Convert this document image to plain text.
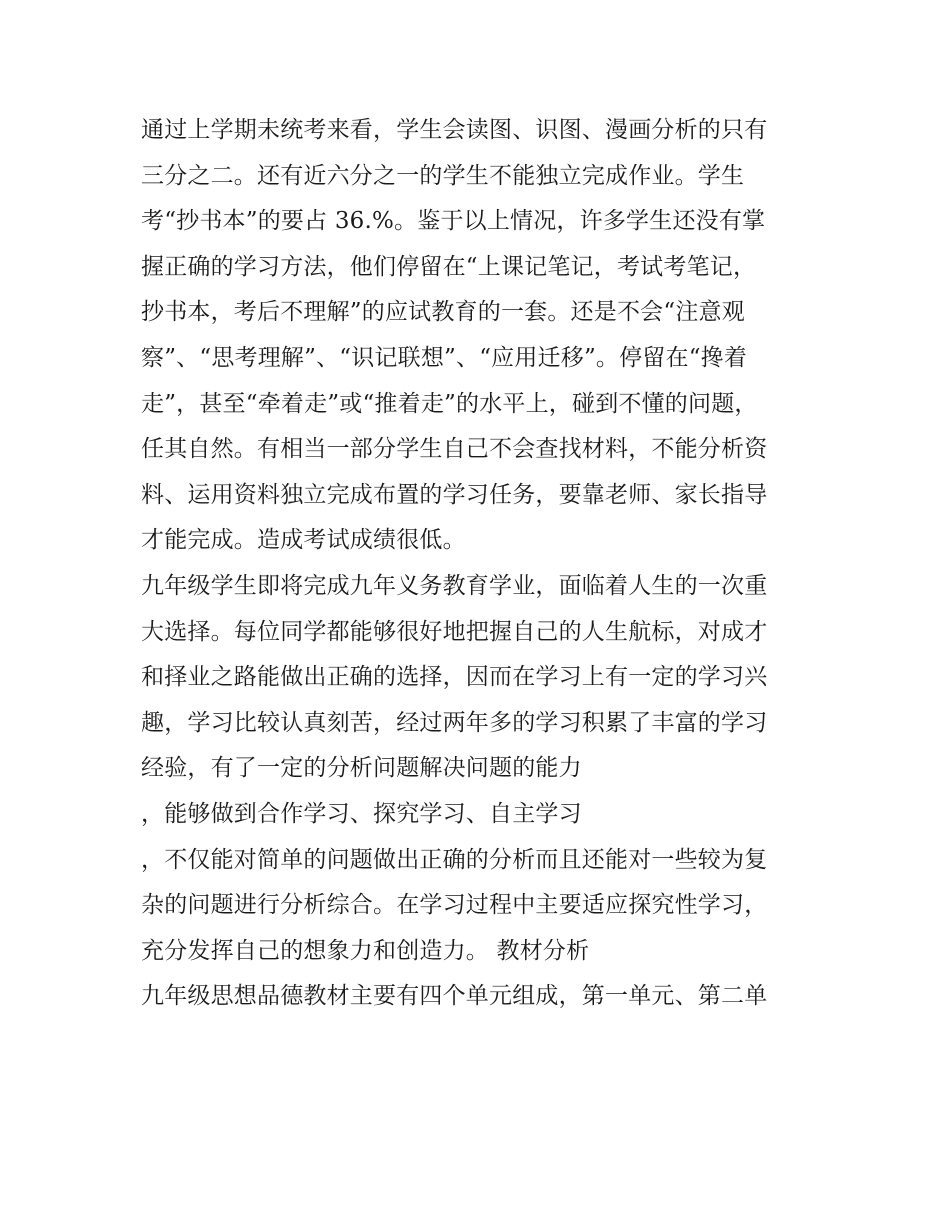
通过上学期未统考来看，学生会读图、识图、漫画分析的只有
三分之二。还有近六分之一的学生不能独立完成作业。学生
考“抄书本”的要占 36.%。鉴于以上情况，许多学生还没有掌
握正确的学习方法，他们停留在“上课记笔记，考试考笔记，
抄书本，考后不理解”的应试教育的一套。还是不会“注意观
察”、“思考理解”、“识记联想”、“应用迁移”。停留在“搀着
走”，甚至“牵着走”或“推着走”的水平上，碰到不懂的问题，
任其自然。有相当一部分学生自己不会查找材料，不能分析资
料、运用资料独立完成布置的学习任务，要靠老师、家长指导
才能完成。造成考试成绩很低。
九年级学生即将完成九年义务教育学业，面临着人生的一次重
大选择。每位同学都能够很好地把握自己的人生航标，对成才
和择业之路能做出正确的选择，因而在学习上有一定的学习兴
趣，学习比较认真刻苦，经过两年多的学习积累了丰富的学习
经验，有了一定的分析问题解决问题的能力
，能够做到合作学习、探究学习、自主学习
，不仅能对简单的问题做出正确的分析而且还能对一些较为复
杂的问题进行分析综合。在学习过程中主要适应探究性学习，
充分发挥自己的想象力和创造力。 教材分析
九年级思想品德教材主要有四个单元组成，第一单元、第二单
